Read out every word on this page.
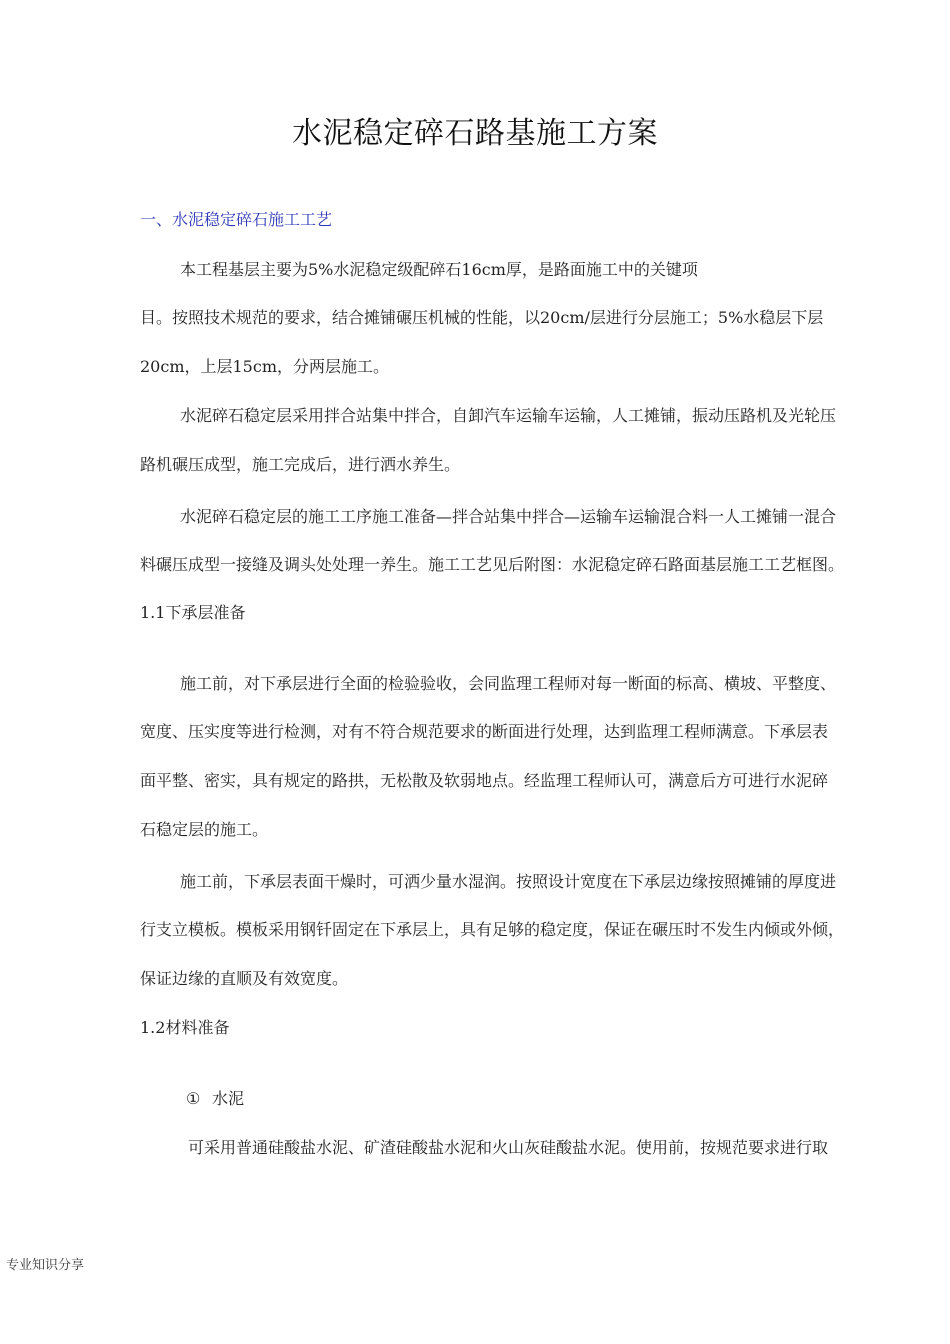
水泥稳定碎石路基施工方案
一、水泥稳定碎石施工工艺
本工程基层主要为5%水泥稳定级配碎石16cm厚，是路面施工中的关键项
目。按照技术规范的要求，结合摊铺碾压机械的性能，以20cm/层进行分层施工；5%水稳层下层
20cm，上层15cm，分两层施工。
水泥碎石稳定层采用拌合站集中拌合，自卸汽车运输车运输，人工摊铺，振动压路机及光轮压
路机碾压成型，施工完成后，进行洒水养生。
水泥碎石稳定层的施工工序施工准备—拌合站集中拌合—运输车运输混合料一人工摊铺一混合
料碾压成型一接缝及调头处处理一养生。施工工艺见后附图：水泥稳定碎石路面基层施工工艺框图。
1.1下承层准备
施工前，对下承层进行全面的检验验收，会同监理工程师对每一断面的标高、横坡、平整度、
宽度、压实度等进行检测，对有不符合规范要求的断面进行处理，达到监理工程师满意。下承层表
面平整、密实，具有规定的路拱，无松散及软弱地点。经监理工程师认可，满意后方可进行水泥碎
石稳定层的施工。
施工前，下承层表面干燥时，可洒少量水湿润。按照设计宽度在下承层边缘按照摊铺的厚度进
行支立模板。模板采用钢钎固定在下承层上，具有足够的稳定度，保证在碾压时不发生内倾或外倾，
保证边缘的直顺及有效宽度。
1.2材料准备
① 水泥
可采用普通硅酸盐水泥、矿渣硅酸盐水泥和火山灰硅酸盐水泥。使用前，按规范要求进行取
专业知识分享
